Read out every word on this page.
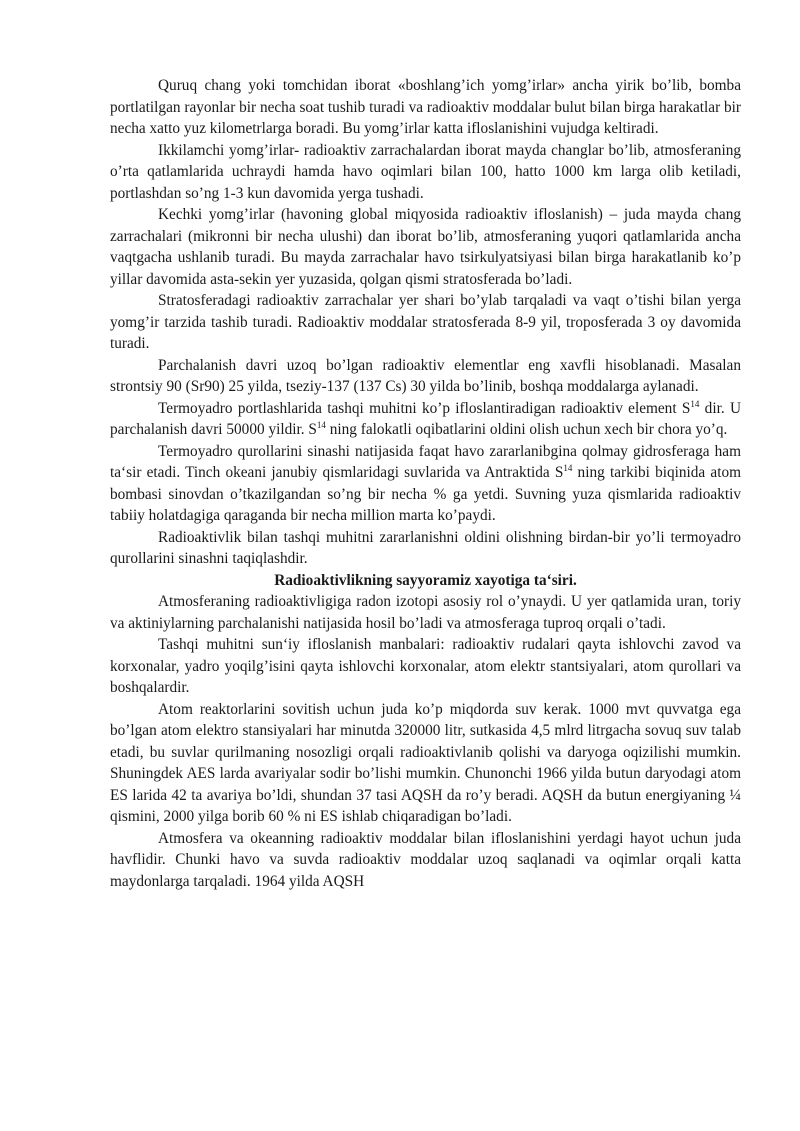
Quruq chang yoki tomchidan iborat «boshlang’ich yomg’irlar» ancha yirik bo’lib, bomba portlatilgan rayonlar bir necha soat tushib turadi va radioaktiv moddalar bulut bilan birga harakatlar bir necha xatto yuz kilometrlarga boradi. Bu yomg’irlar katta ifloslanishini vujudga keltiradi.

Ikkilamchi yomg’irlar- radioaktiv zarrachalardan iborat mayda changlar bo’lib, atmosferaning o’rta qatlamlarida uchraydi hamda havo oqimlari bilan 100, hatto 1000 km larga olib ketiladi, portlashdan so’ng 1-3 kun davomida yerga tushadi.

Kechki yomg’irlar (havoning global miqyosida radioaktiv ifloslanish) – juda mayda chang zarrachalari (mikronni bir necha ulushi) dan iborat bo’lib, atmosferaning yuqori qatlamlarida ancha vaqtgacha ushlanib turadi. Bu mayda zarrachalar havo tsirkulyatsiyasi bilan birga harakatlanib ko’p yillar davomida asta-sekin yer yuzasida, qolgan qismi stratosferada bo’ladi.

Stratosferadagi radioaktiv zarrachalar yer shari bo’ylab tarqaladi va vaqt o’tishi bilan yerga yomg’ir tarzida tashib turadi. Radioaktiv moddalar stratosferada 8-9 yil, troposferada 3 oy davomida turadi.

Parchalanish davri uzoq bo’lgan radioaktiv elementlar eng xavfli hisoblanadi. Masalan strontsiy 90 (Sr90) 25 yilda, tseziy-137 (137 Cs) 30 yilda bo’linib, boshqa moddalarga aylanadi.

Termoyadro portlashlarida tashqi muhitni ko’p ifloslantiradigan radioaktiv element $S^{14}$ dir. U parchalanish davri 50000 yildir. $S^{14}$ ning falokatli oqibatlarini oldini olish uchun xech bir chora yo’q.

Termoyadro qurollarini sinashi natijasida faqat havo zararlanibgina qolmay gidrosferaga ham ta‘sir etadi. Tinch okeani janubiy qismlaridagi suvlarida va Antraktida $S^{14}$ ning tarkibi biqinida atom bombasi sinovdan o’tkazilgandan so’ng bir necha % ga yetdi. Suvning yuza qismlarida radioaktiv tabiiy holatdagiga qaraganda bir necha million marta ko’paydi.

Radioaktivlik bilan tashqi muhitni zararlanishni oldini olishning birdan-bir yo’li termoyadro qurollarini sinashni taqiqlashdir.

Radioaktivlikning sayyoramiz xayotiga ta‘siri.

Atmosferaning radioaktivligiga radon izotopi asosiy rol o’ynaydi. U yer qatlamida uran, toriy va aktiniylarning parchalanishi natijasida hosil bo’ladi va atmosferaga tuproq orqali o’tadi.

Tashqi muhitni sun‘iy ifloslanish manbalari: radioaktiv rudalari qayta ishlovchi zavod va korxonalar, yadro yoqilg’isini qayta ishlovchi korxonalar, atom elektr stantsiyalari, atom qurollari va boshqalardir.

Atom reaktorlarini sovitish uchun juda ko’p miqdorda suv kerak. 1000 mvt quvvatga ega bo’lgan atom elektro stansiyalari har minutda 320000 litr, sutkasida 4,5 mlrd litrgacha sovuq suv talab etadi, bu suvlar qurilmaning nosozligi orqali radioaktivlanib qolishi va daryoga oqizilishi mumkin. Shuningdek AES larda avariyalar sodir bo’lishi mumkin. Chunonchi 1966 yilda butun daryodagi atom ES larida 42 ta avariya bo’ldi, shundan 37 tasi AQSH da ro’y beradi. AQSH da butun energiyaning ¼ qismini, 2000 yilga borib 60 % ni ES ishlab chiqaradigan bo’ladi.

Atmosfera va okeanning radioaktiv moddalar bilan ifloslanishini yerdagi hayot uchun juda havflidir. Chunki havo va suvda radioaktiv moddalar uzoq saqlanadi va oqimlar orqali katta maydonlarga tarqaladi. 1964 yilda AQSH
